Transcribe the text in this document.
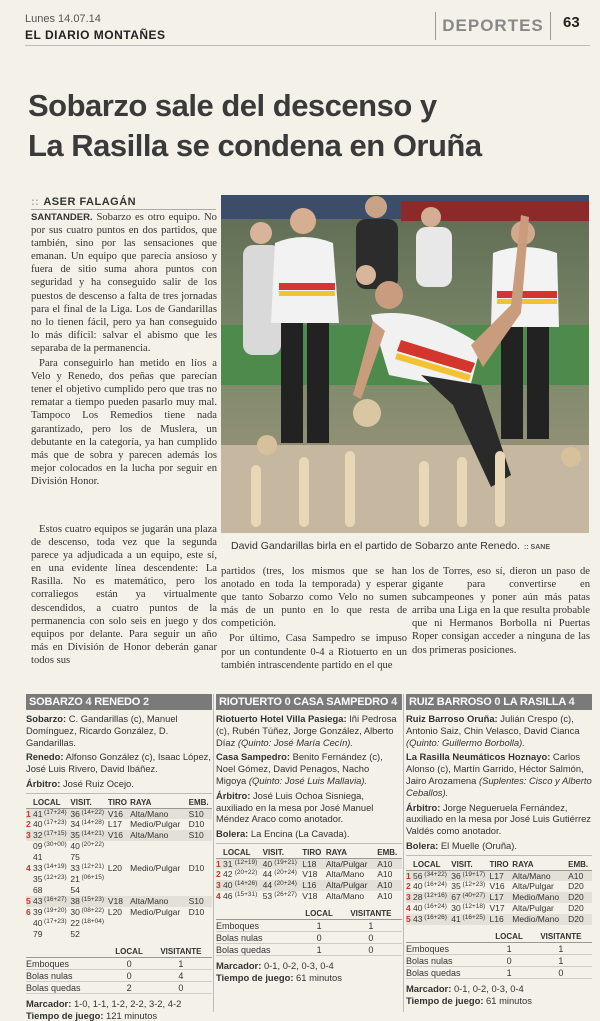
Lunes 14.07.14
EL DIARIO MONTAÑES	DEPORTES	63
Sobarzo sale del descenso y
La Rasilla se condena en Oruña
:: ASER FALAGÁN

SANTANDER. Sobarzo es otro equipo. No por sus cuatro puntos en dos partidos, que también, sino por las sensaciones que emanan. Un equipo que parecía ansioso y fuera de sitio suma ahora puntos con seguridad y ha conseguido salir de los puestos de descenso a falta de tres jornadas para el final de la Liga. Los de Gandarillas no lo tienen fácil, pero ya han conseguido lo más difícil: salvar el abismo que les separaba de la permanencia.

Para conseguirlo han metido en líos a Velo y Renedo, dos peñas que parecían tener el objetivo cumplido pero que tras no rematar a tiempo pueden pasarlo muy mal. Tampoco Los Remedios tiene nada garantizado, pero los de Muslera, un debutante en la categoría, ya han cumplido más que de sobra y parecen además los mejor colocados en la lucha por seguir en División Honor.

Estos cuatro equipos se jugarán una plaza de descenso, toda vez que la segunda parece ya adjudicada a un equipo, este sí, en una evidente línea descendente: La Rasilla. No es matemático, pero los corraliegos están ya virtualmente descendidos, a cuatro puntos de la permanencia con solo seis en juego y dos equipos por delante. Para seguir un año más en División de Honor deberán ganar todos sus

David Gandarillas birla en el partido de Sobarzo ante Renedo. :: SANE

partidos (tres, los mismos que se han anotado en toda la temporada) y esperar que tanto Sobarzo como Velo no sumen más de un punto en lo que resta de competición.

Por último, Casa Sampedro se impuso por un contundente 0-4 a Riotuerto en un también intrascendente partido en el que

los de Torres, eso sí, dieron un paso de gigante para convertirse en subcampeones y poner aún más patas arriba una Liga en la que resulta probable que ni Hermanos Borbolla ni Puertas Roper consigan acceder a ninguna de las dos primeras posiciones.

SOBARZO 4 RENEDO 2
Sobarzo: C. Gandarillas (c), Manuel Domínguez, Ricardo González, D. Gandarillas.
Renedo: Alfonso González (c), Isaac López, José Luis Rivero, David Ibáñez.
Árbitro: José Ruiz Ocejo.
	LOCAL		VISIT.		TIRO	RAYA	EMB.
1	41	(17+24)	36	(14+22)	V16	Alta/Mano	S10
2	40	(17+23)	34	(14+28)	L17	Medio/Pulgar	D10
3	32	(17+15)	35	(14+21)	V16	Alta/Mano	S10
	09	(30+00)	40	(20+22)			
	41		75				
4	33	(14+19)	33	(12+21)	L20	Medio/Pulgar	D10
	35	(12+23)	21	(06+15)			
	68		54				
5	43	(16+27)	38	(15+23)	V18	Alta/Mano	S10
6	39	(19+20)	30	(08+22)	L20	Medio/Pulgar	D10
	40	(17+23)	22	(18+04)			
	79		52				
	LOCAL	VISITANTE
Emboques	0	1
Bolas nulas	0	4
Bolas quedas	2	0
Marcador: 1-0, 1-1, 1-2, 2-2, 3-2, 4-2
Tiempo de juego: 121 minutos
RIOTUERTO 0 CASA SAMPEDRO 4
Riotuerto Hotel Villa Pasiega: Iñi Pedrosa (c), Rubén Túñez, Jorge González, Alberto Díaz (Quinto: José María Cecín).
Casa Sampedro: Benito Fernández (c), Noel Gómez, David Penagos, Nacho Migoya (Quinto: José Luis Mallavia).
Árbitro: José Luis Ochoa Sisniega, auxiliado en la mesa por José Manuel Méndez Araco como anotador.
Bolera: La Encina (La Cavada).
	LOCAL		VISIT.		TIRO	RAYA	EMB.
1	31	(12+19)	40	(19+21)	L18	Alta/Pulgar	A10
2	42	(20+22)	44	(20+24)	V18	Alta/Mano	A10
3	40	(14+26)	44	(20+24)	L16	Alta/Pulgar	A10
4	46	(15+31)	53	(26+27)	V18	Alta/Mano	A10
	LOCAL	VISITANTE
Emboques	1	1
Bolas nulas	0	0
Bolas quedas	1	0
Marcador: 0-1, 0-2, 0-3, 0-4
Tiempo de juego: 61 minutos
RUIZ BARROSO 0 LA RASILLA 4
Ruiz Barroso Oruña: Julián Crespo (c), Antonio Saiz, Chin Velasco, David Cianca (Quinto: Guillermo Borbolla).
La Rasilla Neumáticos Hoznayo: Carlos Alonso (c), Martín Garrido, Héctor Salmón, Jairo Arozamena (Suplentes: Cisco y Alberto Ceballos).
Árbitro: Jorge Negueruela Fernández, auxiliado en la mesa por José Luis Gutiérrez Valdés como anotador.
Bolera: El Muelle (Oruña).
	LOCAL		VISIT.		TIRO	RAYA	EMB.
1	56	(34+22)	36	(19+17)	L17	Alta/Mano	A10
2	40	(16+24)	35	(12+23)	V16	Alta/Pulgar	D20
3	28	(12+16)	67	(40+27)	L17	Medio/Mano	D20
4	40	(16+24)	30	(12+18)	V17	Alta/Pulgar	D20
5	43	(16+26)	41	(16+25)	L16	Medio/Mano	D20
	LOCAL	VISITANTE
Emboques	1	1
Bolas nulas	0	1
Bolas quedas	1	0
Marcador: 0-1, 0-2, 0-3, 0-4
Tiempo de juego: 61 minutos
